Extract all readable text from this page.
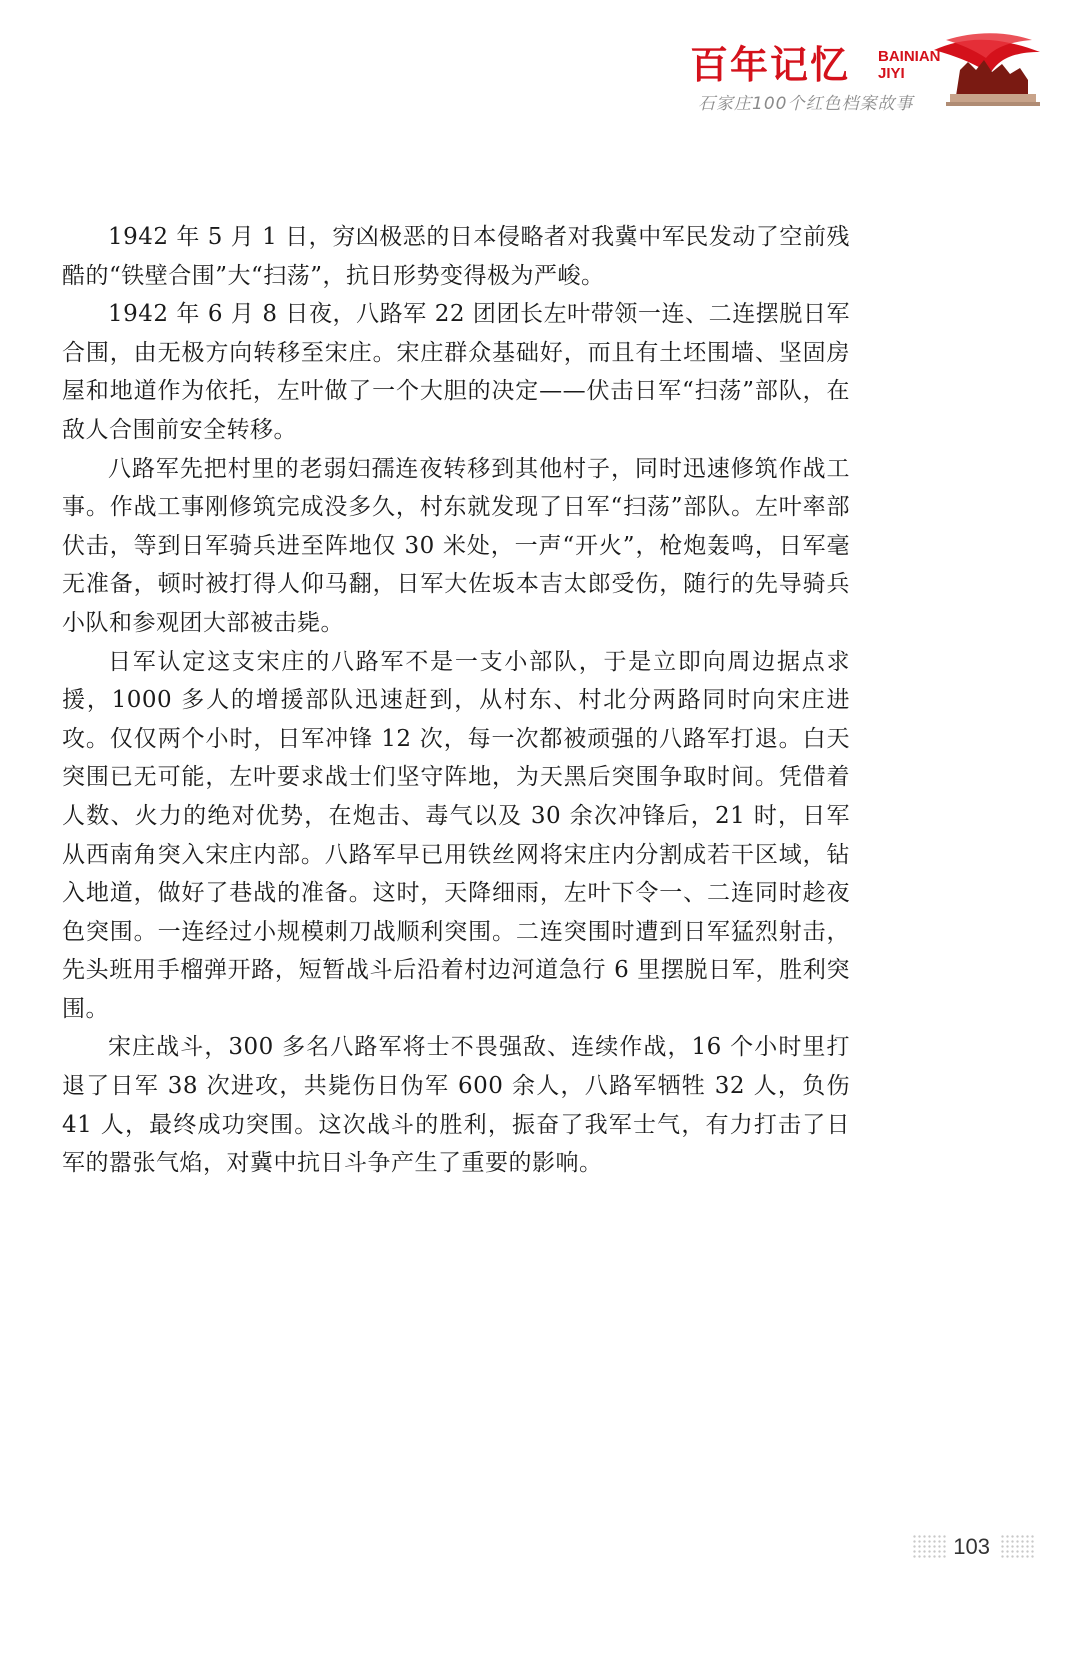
百年记忆 BAINIAN
JIYI
石家庄100个红色档案故事

1942 年 5 月 1 日，穷凶极恶的日本侵略者对我冀中军民发动了空前残酷的“铁壁合围”大“扫荡”，抗日形势变得极为严峻。

1942 年 6 月 8 日夜，八路军 22 团团长左叶带领一连、二连摆脱日军合围，由无极方向转移至宋庄。宋庄群众基础好，而且有土坯围墙、坚固房屋和地道作为依托，左叶做了一个大胆的决定——伏击日军“扫荡”部队，在敌人合围前安全转移。

八路军先把村里的老弱妇孺连夜转移到其他村子，同时迅速修筑作战工事。作战工事刚修筑完成没多久，村东就发现了日军“扫荡”部队。左叶率部伏击，等到日军骑兵进至阵地仅 30 米处，一声“开火”，枪炮轰鸣，日军毫无准备，顿时被打得人仰马翻，日军大佐坂本吉太郎受伤，随行的先导骑兵小队和参观团大部被击毙。

日军认定这支宋庄的八路军不是一支小部队，于是立即向周边据点求援，1000 多人的增援部队迅速赶到，从村东、村北分两路同时向宋庄进攻。仅仅两个小时，日军冲锋 12 次，每一次都被顽强的八路军打退。白天突围已无可能，左叶要求战士们坚守阵地，为天黑后突围争取时间。凭借着人数、火力的绝对优势，在炮击、毒气以及 30 余次冲锋后，21 时，日军从西南角突入宋庄内部。八路军早已用铁丝网将宋庄内分割成若干区域，钻入地道，做好了巷战的准备。这时，天降细雨，左叶下令一、二连同时趁夜色突围。一连经过小规模刺刀战顺利突围。二连突围时遭到日军猛烈射击，先头班用手榴弹开路，短暂战斗后沿着村边河道急行 6 里摆脱日军，胜利突围。

宋庄战斗，300 多名八路军将士不畏强敌、连续作战，16 个小时里打退了日军 38 次进攻，共毙伤日伪军 600 余人，八路军牺牲 32 人，负伤 41 人，最终成功突围。这次战斗的胜利，振奋了我军士气，有力打击了日军的嚣张气焰，对冀中抗日斗争产生了重要的影响。

103
